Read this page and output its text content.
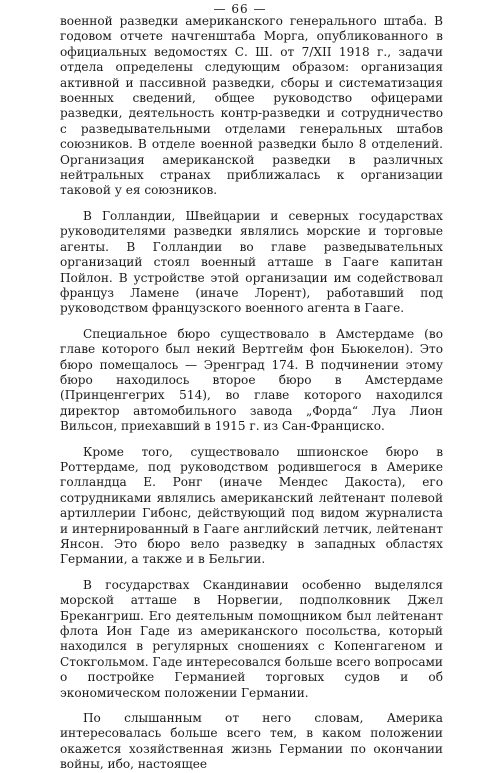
— 66 —

военной разведки американского генерального штаба. В годовом отчете начгенштаба Морга, опубликованного в официальных ведомостях С. Ш. от 7/XII 1918 г., задачи отдела определены следующим образом: организация активной и пассивной разведки, сборы и систематизация военных сведений, общее руководство офицерами разведки, деятельность контр-разведки и сотрудничество с разведывательными отделами генеральных штабов союзников. В отделе военной разведки было 8 отделений. Организация американской разведки в различных нейтральных странах приближалась к организации таковой у ея союзников.

В Голландии, Швейцарии и северных государствах руководителями разведки являлись морские и торговые агенты. В Голландии во главе разведывательных организаций стоял военный атташе в Гааге капитан Пойлон. В устройстве этой организации им содействовал француз Ламене (иначе Лорент), работавший под руководством французского военного агента в Гааге.

Специальное бюро существовало в Амстердаме (во главе которого был некий Вертгейм фон Бьюкелон). Это бюро помещалось — Эренград 174. В подчинении этому бюро находилось второе бюро в Амстердаме (Принценгегрих 514), во главе которого находился директор автомобильного завода „Форда“ Луа Лион Вильсон, приехавший в 1915 г. из Сан-Франциско.

Кроме того, существовало шпионское бюро в Роттердаме, под руководством родившегося в Америке голландца Е. Ронг (иначе Мендес Дакоста), его сотрудниками являлись американский лейтенант полевой артиллерии Гибонс, действующий под видом журналиста и интернированный в Гааге английский летчик, лейтенант Янсон. Это бюро вело разведку в западных областях Германии, а также и в Бельгии.

В государствах Скандинавии особенно выделялся морской атташе в Норвегии, подполковник Джел Брекангриш. Его деятельным помощником был лейтенант флота Ион Гаде из американского посольства, который находился в регулярных сношениях с Копенгагеном и Стокгольмом. Гаде интересовался больше всего вопросами о постройке Германией торговых судов и об экономическом положении Германии.

По слышанным от него словам, Америка интересовалась больше всего тем, в каком положении окажется хозяйственная жизнь Германии по окончании войны, ибо, настоящее
